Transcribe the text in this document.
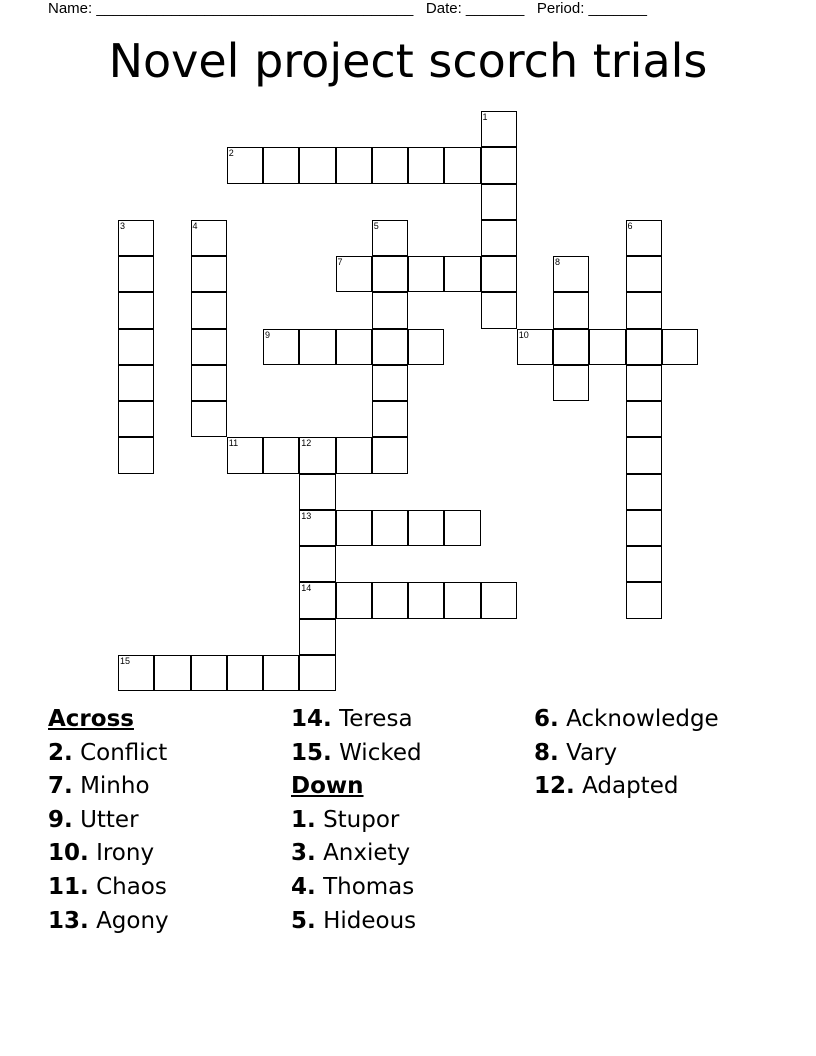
Name: ______________________________________ Date: _______ Period: _______
Novel project scorch trials
1
2
3	4	5	6
7	8
9	10
11	12
13
14
15
Across
2. Conflict
7. Minho
9. Utter
10. Irony
11. Chaos
13. Agony
14. Teresa
15. Wicked
Down
1. Stupor
3. Anxiety
4. Thomas
5. Hideous
6. Acknowledge
8. Vary
12. Adapted
